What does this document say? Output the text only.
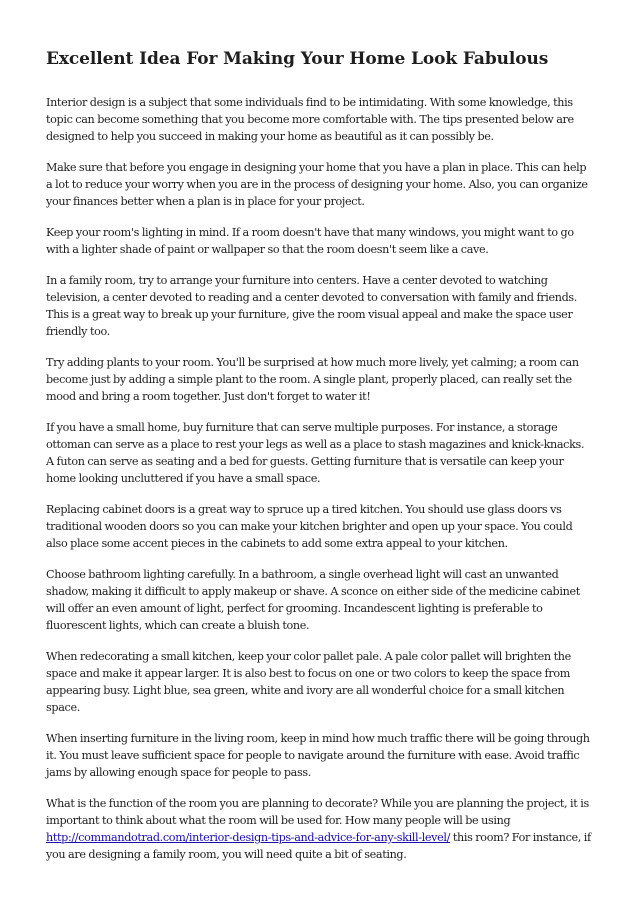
Excellent Idea For Making Your Home Look Fabulous

Interior design is a subject that some individuals find to be intimidating. With some knowledge, this topic can become something that you become more comfortable with. The tips presented below are designed to help you succeed in making your home as beautiful as it can possibly be.

Make sure that before you engage in designing your home that you have a plan in place. This can help a lot to reduce your worry when you are in the process of designing your home. Also, you can organize your finances better when a plan is in place for your project.

Keep your room's lighting in mind. If a room doesn't have that many windows, you might want to go with a lighter shade of paint or wallpaper so that the room doesn't seem like a cave.

In a family room, try to arrange your furniture into centers. Have a center devoted to watching television, a center devoted to reading and a center devoted to conversation with family and friends. This is a great way to break up your furniture, give the room visual appeal and make the space user friendly too.

Try adding plants to your room. You'll be surprised at how much more lively, yet calming; a room can become just by adding a simple plant to the room. A single plant, properly placed, can really set the mood and bring a room together. Just don't forget to water it!

If you have a small home, buy furniture that can serve multiple purposes. For instance, a storage ottoman can serve as a place to rest your legs as well as a place to stash magazines and knick-knacks. A futon can serve as seating and a bed for guests. Getting furniture that is versatile can keep your home looking uncluttered if you have a small space.

Replacing cabinet doors is a great way to spruce up a tired kitchen. You should use glass doors vs traditional wooden doors so you can make your kitchen brighter and open up your space. You could also place some accent pieces in the cabinets to add some extra appeal to your kitchen.

Choose bathroom lighting carefully. In a bathroom, a single overhead light will cast an unwanted shadow, making it difficult to apply makeup or shave. A sconce on either side of the medicine cabinet will offer an even amount of light, perfect for grooming. Incandescent lighting is preferable to fluorescent lights, which can create a bluish tone.

When redecorating a small kitchen, keep your color pallet pale. A pale color pallet will brighten the space and make it appear larger. It is also best to focus on one or two colors to keep the space from appearing busy. Light blue, sea green, white and ivory are all wonderful choice for a small kitchen space.

When inserting furniture in the living room, keep in mind how much traffic there will be going through it. You must leave sufficient space for people to navigate around the furniture with ease. Avoid traffic jams by allowing enough space for people to pass.

What is the function of the room you are planning to decorate? While you are planning the project, it is important to think about what the room will be used for. How many people will be using http://commandotrad.com/interior-design-tips-and-advice-for-any-skill-level/ this room? For instance, if you are designing a family room, you will need quite a bit of seating.
